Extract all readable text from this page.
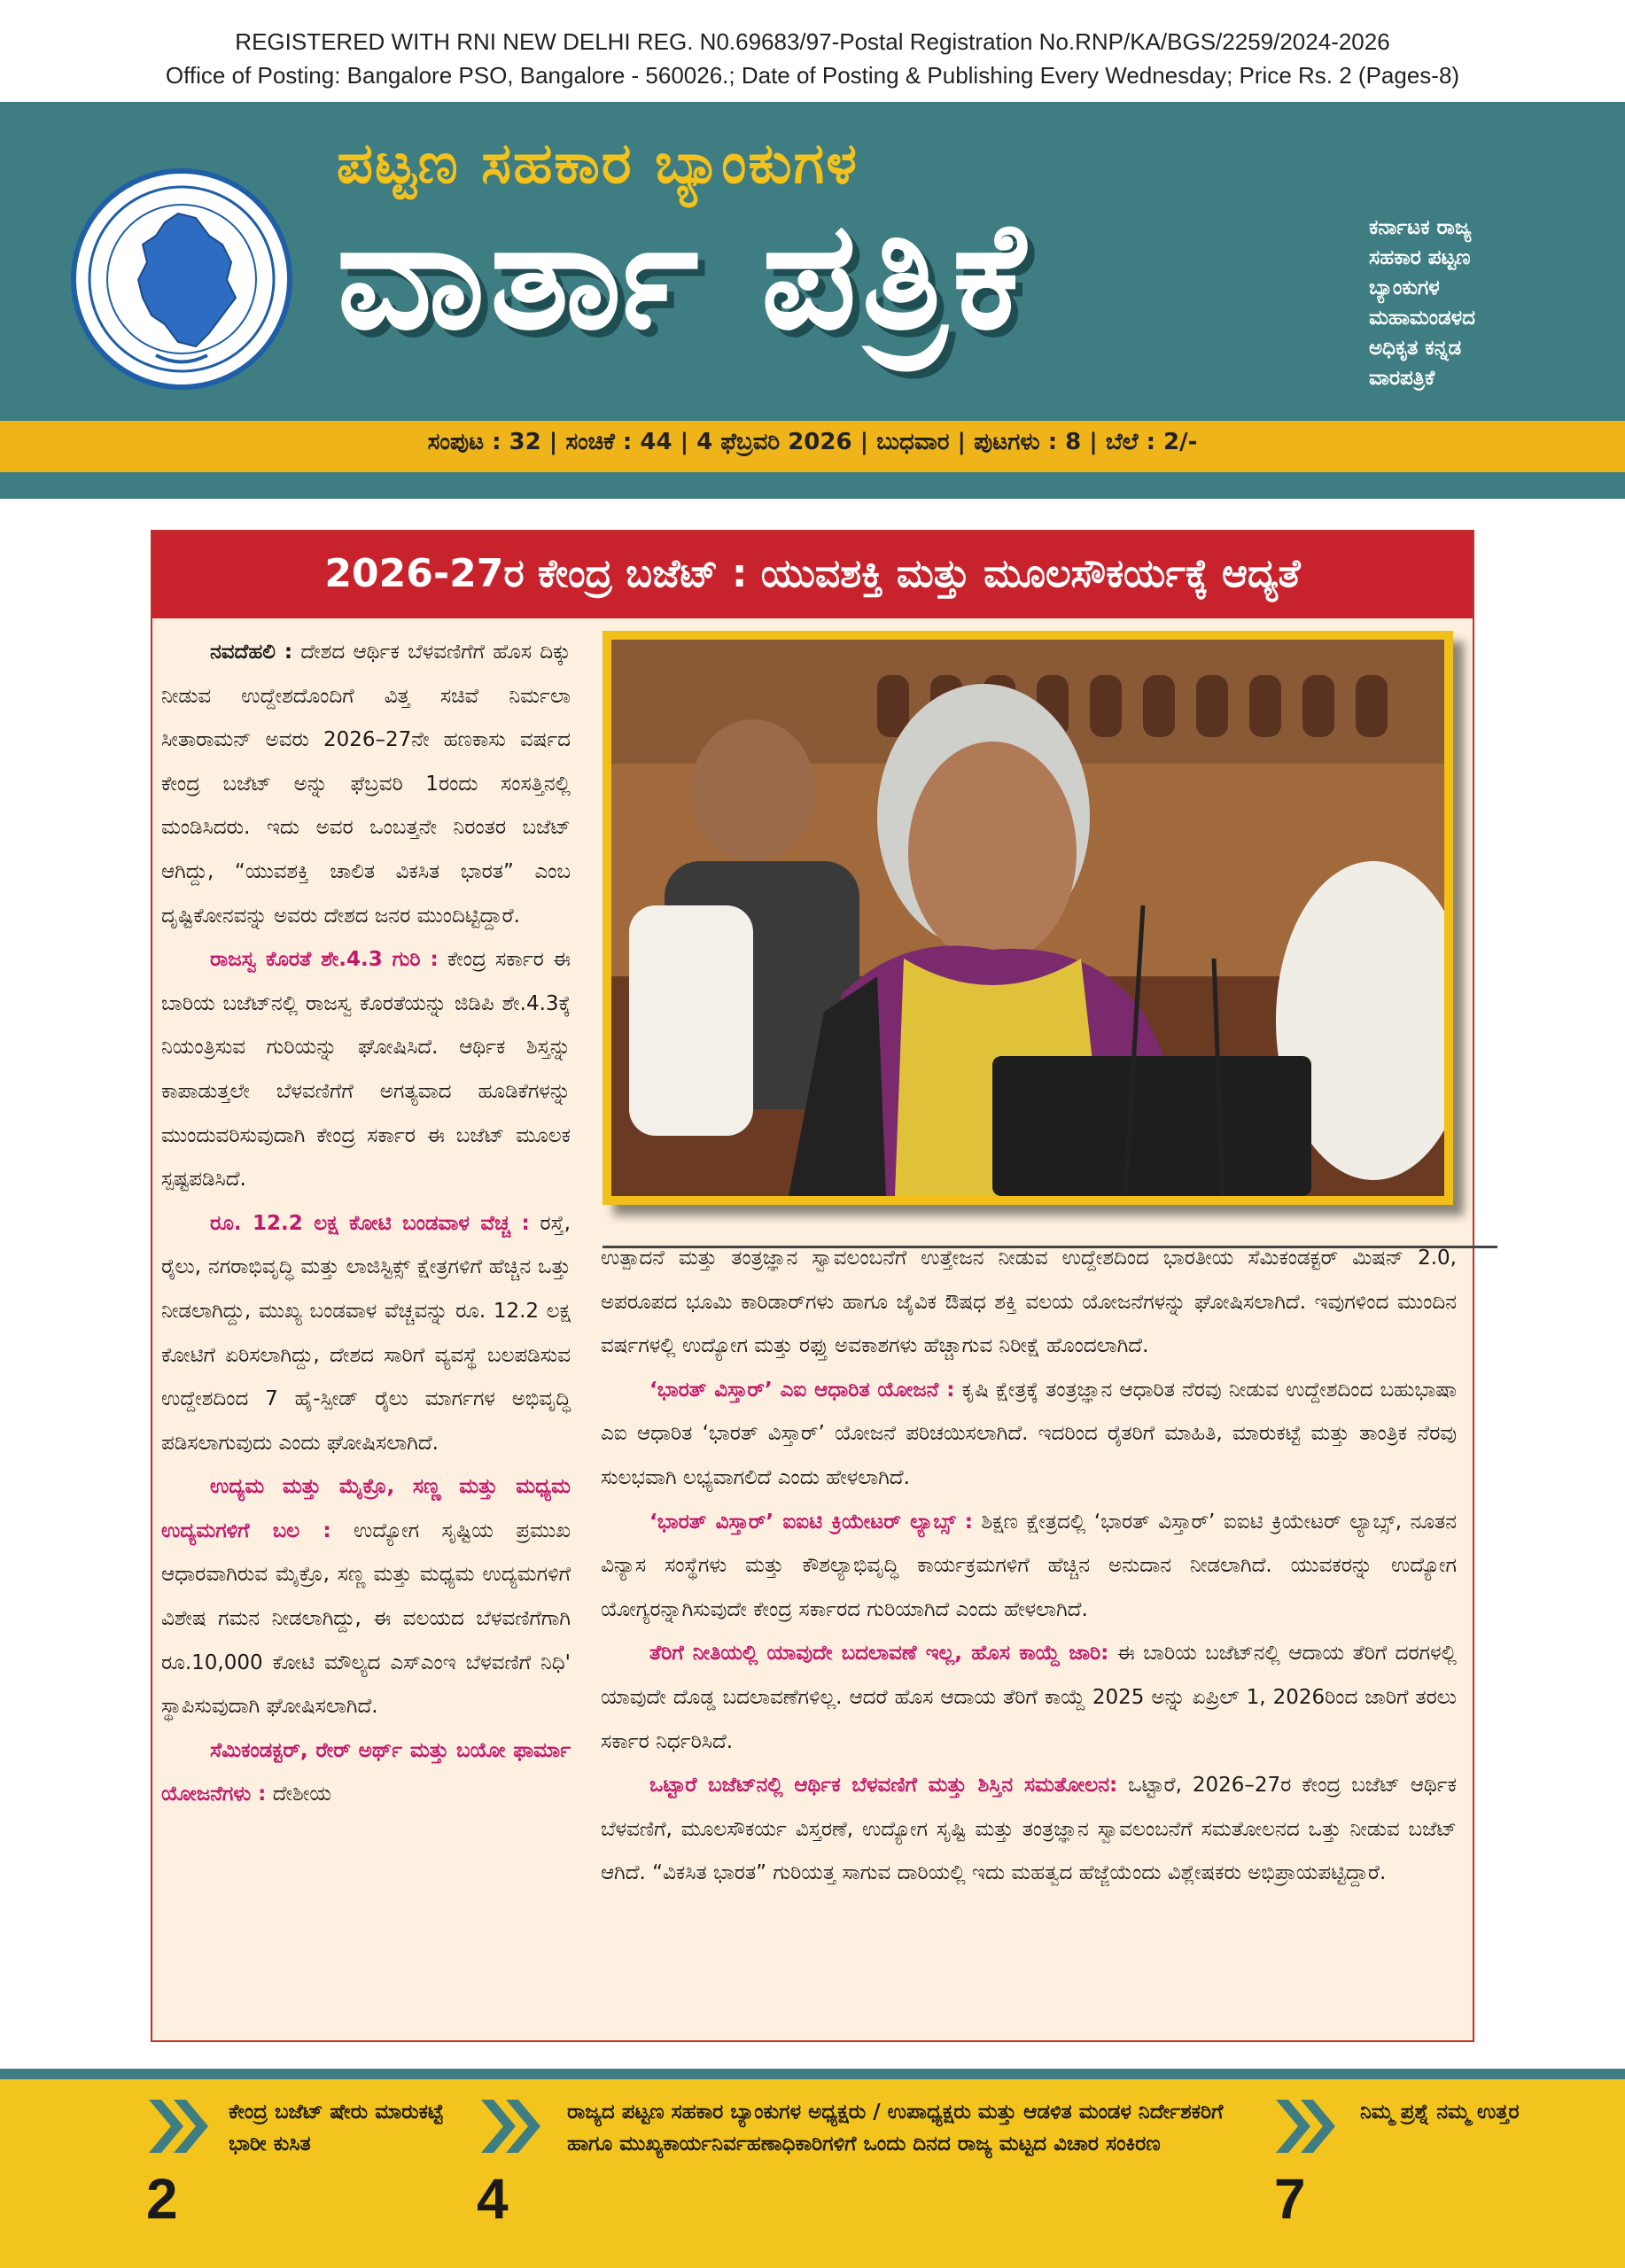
REGISTERED WITH RNI NEW DELHI REG. N0.69683/97-Postal Registration No.RNP/KA/BGS/2259/2024-2026
Office of Posting: Bangalore PSO, Bangalore - 560026.; Date of Posting & Publishing Every Wednesday; Price Rs. 2 (Pages-8)
ಪಟ್ಟಣ ಸಹಕಾರ ಬ್ಯಾಂಕುಗಳ
ವಾರ್ತಾ ಪತ್ರಿಕೆ	ಕರ್ನಾಟಕ ರಾಜ್ಯ
ಸಹಕಾರ ಪಟ್ಟಣ
ಬ್ಯಾಂಕುಗಳ
ಮಹಾಮಂಡಳದ
ಅಧಿಕೃತ ಕನ್ನಡ
ವಾರಪತ್ರಿಕೆ
ಸಂಪುಟ : 32 | ಸಂಚಿಕೆ : 44 | 4 ಫೆಬ್ರವರಿ 2026 | ಬುಧವಾರ | ಪುಟಗಳು : 8 | ಬೆಲೆ : 2/-
2026-27ರ ಕೇಂದ್ರ ಬಜೆಟ್ : ಯುವಶಕ್ತಿ ಮತ್ತು ಮೂಲಸೌಕರ್ಯಕ್ಕೆ ಆದ್ಯತೆ

ನವದೆಹಲಿ : ದೇಶದ ಆರ್ಥಿಕ ಬೆಳವಣಿಗೆಗೆ ಹೊಸ ದಿಕ್ಕು ನೀಡುವ ಉದ್ದೇಶದೊಂದಿಗೆ ವಿತ್ತ ಸಚಿವೆ ನಿರ್ಮಲಾ ಸೀತಾರಾಮನ್ ಅವರು 2026–27ನೇ ಹಣಕಾಸು ವರ್ಷದ ಕೇಂದ್ರ ಬಜೆಟ್ ಅನ್ನು ಫೆಬ್ರವರಿ 1ರಂದು ಸಂಸತ್ತಿನಲ್ಲಿ ಮಂಡಿಸಿದರು. ಇದು ಅವರ ಒಂಬತ್ತನೇ ನಿರಂತರ ಬಜೆಟ್ ಆಗಿದ್ದು, “ಯುವಶಕ್ತಿ ಚಾಲಿತ ವಿಕಸಿತ ಭಾರತ” ಎಂಬ ದೃಷ್ಟಿಕೋನವನ್ನು ಅವರು ದೇಶದ ಜನರ ಮುಂದಿಟ್ಟಿದ್ದಾರೆ.

ರಾಜಸ್ವ ಕೊರತೆ ಶೇ.4.3 ಗುರಿ : ಕೇಂದ್ರ ಸರ್ಕಾರ ಈ ಬಾರಿಯ ಬಜೆಟ್‌ನಲ್ಲಿ ರಾಜಸ್ವ ಕೊರತೆಯನ್ನು ಜಿಡಿಪಿ ಶೇ.4.3ಕ್ಕೆ ನಿಯಂತ್ರಿಸುವ ಗುರಿಯನ್ನು ಘೋಷಿಸಿದೆ. ಆರ್ಥಿಕ ಶಿಸ್ತನ್ನು ಕಾಪಾಡುತ್ತಲೇ ಬೆಳವಣಿಗೆಗೆ ಅಗತ್ಯವಾದ ಹೂಡಿಕೆಗಳನ್ನು ಮುಂದುವರಿಸುವುದಾಗಿ ಕೇಂದ್ರ ಸರ್ಕಾರ ಈ ಬಜೆಟ್ ಮೂಲಕ ಸ್ಪಷ್ಟಪಡಿಸಿದೆ.

ರೂ. 12.2 ಲಕ್ಷ ಕೋಟಿ ಬಂಡವಾಳ ವೆಚ್ಚ : ರಸ್ತೆ, ರೈಲು, ನಗರಾಭಿವೃದ್ಧಿ ಮತ್ತು ಲಾಜಿಸ್ಟಿಕ್ಸ್ ಕ್ಷೇತ್ರಗಳಿಗೆ ಹೆಚ್ಚಿನ ಒತ್ತು ನೀಡಲಾಗಿದ್ದು, ಮುಖ್ಯ ಬಂಡವಾಳ ವೆಚ್ಚವನ್ನು ರೂ. 12.2 ಲಕ್ಷ ಕೋಟಿಗೆ ಏರಿಸಲಾಗಿದ್ದು, ದೇಶದ ಸಾರಿಗೆ ವ್ಯವಸ್ಥೆ ಬಲಪಡಿಸುವ ಉದ್ದೇಶದಿಂದ 7 ಹೈ-ಸ್ಪೀಡ್ ರೈಲು ಮಾರ್ಗಗಳ ಅಭಿವೃದ್ಧಿ ಪಡಿಸಲಾಗುವುದು ಎಂದು ಘೋಷಿಸಲಾಗಿದೆ.

ಉದ್ಯಮ ಮತ್ತು ಮೈಕ್ರೊ, ಸಣ್ಣ ಮತ್ತು ಮಧ್ಯಮ ಉದ್ಯಮಗಳಿಗೆ ಬಲ : ಉದ್ಯೋಗ ಸೃಷ್ಟಿಯ ಪ್ರಮುಖ ಆಧಾರವಾಗಿರುವ ಮೈಕ್ರೊ, ಸಣ್ಣ ಮತ್ತು ಮಧ್ಯಮ ಉದ್ಯಮಗಳಿಗೆ ವಿಶೇಷ ಗಮನ ನೀಡಲಾಗಿದ್ದು, ಈ ವಲಯದ ಬೆಳವಣಿಗೆಗಾಗಿ ರೂ.10,000 ಕೋಟಿ ಮೌಲ್ಯದ ಎಸ್‌ಎಂಇ ಬೆಳವಣಿಗೆ ನಿಧಿ' ಸ್ಥಾಪಿಸುವುದಾಗಿ ಘೋಷಿಸಲಾಗಿದೆ.

ಸೆಮಿಕಂಡಕ್ಟರ್, ರೇರ್ ಅರ್ಥ್ ಮತ್ತು ಬಯೋ ಫಾರ್ಮಾ ಯೋಜನೆಗಳು : ದೇಶೀಯ

ಉತ್ಪಾದನೆ ಮತ್ತು ತಂತ್ರಜ್ಞಾನ ಸ್ವಾವಲಂಬನೆಗೆ ಉತ್ತೇಜನ ನೀಡುವ ಉದ್ದೇಶದಿಂದ ಭಾರತೀಯ ಸೆಮಿಕಂಡಕ್ಟರ್ ಮಿಷನ್ 2.0, ಅಪರೂಪದ ಭೂಮಿ ಕಾರಿಡಾರ್‌ಗಳು ಹಾಗೂ ಜೈವಿಕ ಔಷಧ ಶಕ್ತಿ ವಲಯ ಯೋಜನೆಗಳನ್ನು ಘೋಷಿಸಲಾಗಿದೆ. ಇವುಗಳಿಂದ ಮುಂದಿನ ವರ್ಷಗಳಲ್ಲಿ ಉದ್ಯೋಗ ಮತ್ತು ರಫ್ತು ಅವಕಾಶಗಳು ಹೆಚ್ಚಾಗುವ ನಿರೀಕ್ಷೆ ಹೊಂದಲಾಗಿದೆ.

‘ಭಾರತ್ ವಿಸ್ತಾರ್’ ಎಐ ಆಧಾರಿತ ಯೋಜನೆ : ಕೃಷಿ ಕ್ಷೇತ್ರಕ್ಕೆ ತಂತ್ರಜ್ಞಾನ ಆಧಾರಿತ ನೆರವು ನೀಡುವ ಉದ್ದೇಶದಿಂದ ಬಹುಭಾಷಾ ಎಐ ಆಧಾರಿತ ‘ಭಾರತ್ ವಿಸ್ತಾರ್’ ಯೋಜನೆ ಪರಿಚಯಿಸಲಾಗಿದೆ. ಇದರಿಂದ ರೈತರಿಗೆ ಮಾಹಿತಿ, ಮಾರುಕಟ್ಟೆ ಮತ್ತು ತಾಂತ್ರಿಕ ನೆರವು ಸುಲಭವಾಗಿ ಲಭ್ಯವಾಗಲಿದೆ ಎಂದು ಹೇಳಲಾಗಿದೆ.

‘ಭಾರತ್ ವಿಸ್ತಾರ್’ ಐಐಟಿ ಕ್ರಿಯೇಟರ್ ಲ್ಯಾಬ್ಸ್ : ಶಿಕ್ಷಣ ಕ್ಷೇತ್ರದಲ್ಲಿ ‘ಭಾರತ್ ವಿಸ್ತಾರ್’ ಐಐಟಿ ಕ್ರಿಯೇಟರ್ ಲ್ಯಾಬ್ಸ್, ನೂತನ ವಿನ್ಯಾಸ ಸಂಸ್ಥೆಗಳು ಮತ್ತು ಕೌಶಲ್ಯಾಭಿವೃದ್ಧಿ ಕಾರ್ಯಕ್ರಮಗಳಿಗೆ ಹೆಚ್ಚಿನ ಅನುದಾನ ನೀಡಲಾಗಿದೆ. ಯುವಕರನ್ನು ಉದ್ಯೋಗ ಯೋಗ್ಯರನ್ನಾಗಿಸುವುದೇ ಕೇಂದ್ರ ಸರ್ಕಾರದ ಗುರಿಯಾಗಿದೆ ಎಂದು ಹೇಳಲಾಗಿದೆ.

ತೆರಿಗೆ ನೀತಿಯಲ್ಲಿ ಯಾವುದೇ ಬದಲಾವಣೆ ಇಲ್ಲ, ಹೊಸ ಕಾಯ್ದೆ ಜಾರಿ: ಈ ಬಾರಿಯ ಬಜೆಟ್‌ನಲ್ಲಿ ಆದಾಯ ತೆರಿಗೆ ದರಗಳಲ್ಲಿ ಯಾವುದೇ ದೊಡ್ಡ ಬದಲಾವಣೆಗಳಿಲ್ಲ. ಆದರೆ ಹೊಸ ಆದಾಯ ತೆರಿಗೆ ಕಾಯ್ದೆ 2025 ಅನ್ನು ಏಪ್ರಿಲ್ 1, 2026ರಿಂದ ಜಾರಿಗೆ ತರಲು ಸರ್ಕಾರ ನಿರ್ಧರಿಸಿದೆ.

ಒಟ್ಟಾರೆ ಬಜೆಟ್‌ನಲ್ಲಿ ಆರ್ಥಿಕ ಬೆಳವಣಿಗೆ ಮತ್ತು ಶಿಸ್ತಿನ ಸಮತೋಲನ: ಒಟ್ಟಾರೆ, 2026–27ರ ಕೇಂದ್ರ ಬಜೆಟ್ ಆರ್ಥಿಕ ಬೆಳವಣಿಗೆ, ಮೂಲಸೌಕರ್ಯ ವಿಸ್ತರಣೆ, ಉದ್ಯೋಗ ಸೃಷ್ಟಿ ಮತ್ತು ತಂತ್ರಜ್ಞಾನ ಸ್ವಾವಲಂಬನೆಗೆ ಸಮತೋಲನದ ಒತ್ತು ನೀಡುವ ಬಜೆಟ್ ಆಗಿದೆ. “ವಿಕಸಿತ ಭಾರತ” ಗುರಿಯತ್ತ ಸಾಗುವ ದಾರಿಯಲ್ಲಿ ಇದು ಮಹತ್ವದ ಹೆಜ್ಜೆಯೆಂದು ವಿಶ್ಲೇಷಕರು ಅಭಿಪ್ರಾಯಪಟ್ಟಿದ್ದಾರೆ.

2
ಕೇಂದ್ರ ಬಜೆಟ್ ಷೇರು ಮಾರುಕಟ್ಟೆ ಭಾರೀ ಕುಸಿತ
4
ರಾಜ್ಯದ ಪಟ್ಟಣ ಸಹಕಾರ ಬ್ಯಾಂಕುಗಳ ಅಧ್ಯಕ್ಷರು / ಉಪಾಧ್ಯಕ್ಷರು ಮತ್ತು ಆಡಳಿತ ಮಂಡಳ ನಿರ್ದೇಶಕರಿಗೆ ಹಾಗೂ ಮುಖ್ಯಕಾರ್ಯನಿರ್ವಹಣಾಧಿಕಾರಿಗಳಿಗೆ ಒಂದು ದಿನದ ರಾಜ್ಯ ಮಟ್ಟದ ವಿಚಾರ ಸಂಕಿರಣ
7
ನಿಮ್ಮ ಪ್ರಶ್ನೆ ನಮ್ಮ ಉತ್ತರ
